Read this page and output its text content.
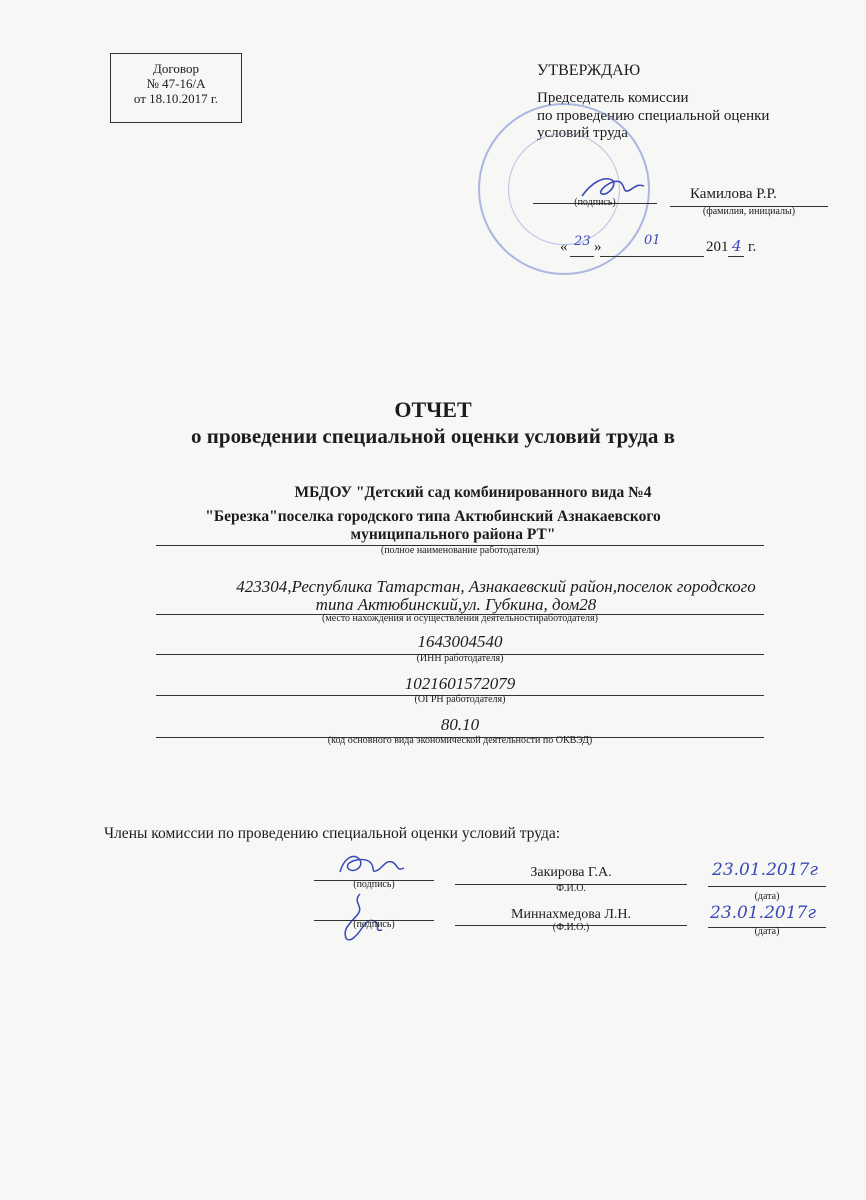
Договор
№ 47-16/А
от 18.10.2017 г.
УТВЕРЖДАЮ
Председатель комиссии
по проведению специальной оценки
условий труда
(подпись)
Камилова Р.Р.
(фамилия, инициалы)
« 23 »	01	201 4 г.
ОТЧЕТ
о проведении специальной оценки условий труда в
МБДОУ "Детский сад комбинированного вида №4
"Березка"поселка городского типа Актюбинский Азнакаевского
муниципального района РТ"
(полное наименование работодателя)
423304,Республика Татарстан, Азнакаевский район,поселок городского
типа Актюбинский,ул. Губкина, дом28
(место нахождения и осуществления деятельностиработодателя)
1643004540
(ИНН работодателя)
1021601572079
(ОГРН работодателя)
80.10
(код основного вида экономической деятельности по ОКВЭД)
Члены комиссии по проведению специальной оценки условий труда:
(подпись)
Закирова Г.А.
Ф.И.О.
23.01.2017г
(дата)
(подпись)
Миннахмедова Л.Н.
(Ф.И.О.)
23.01.2017г
(дата)
